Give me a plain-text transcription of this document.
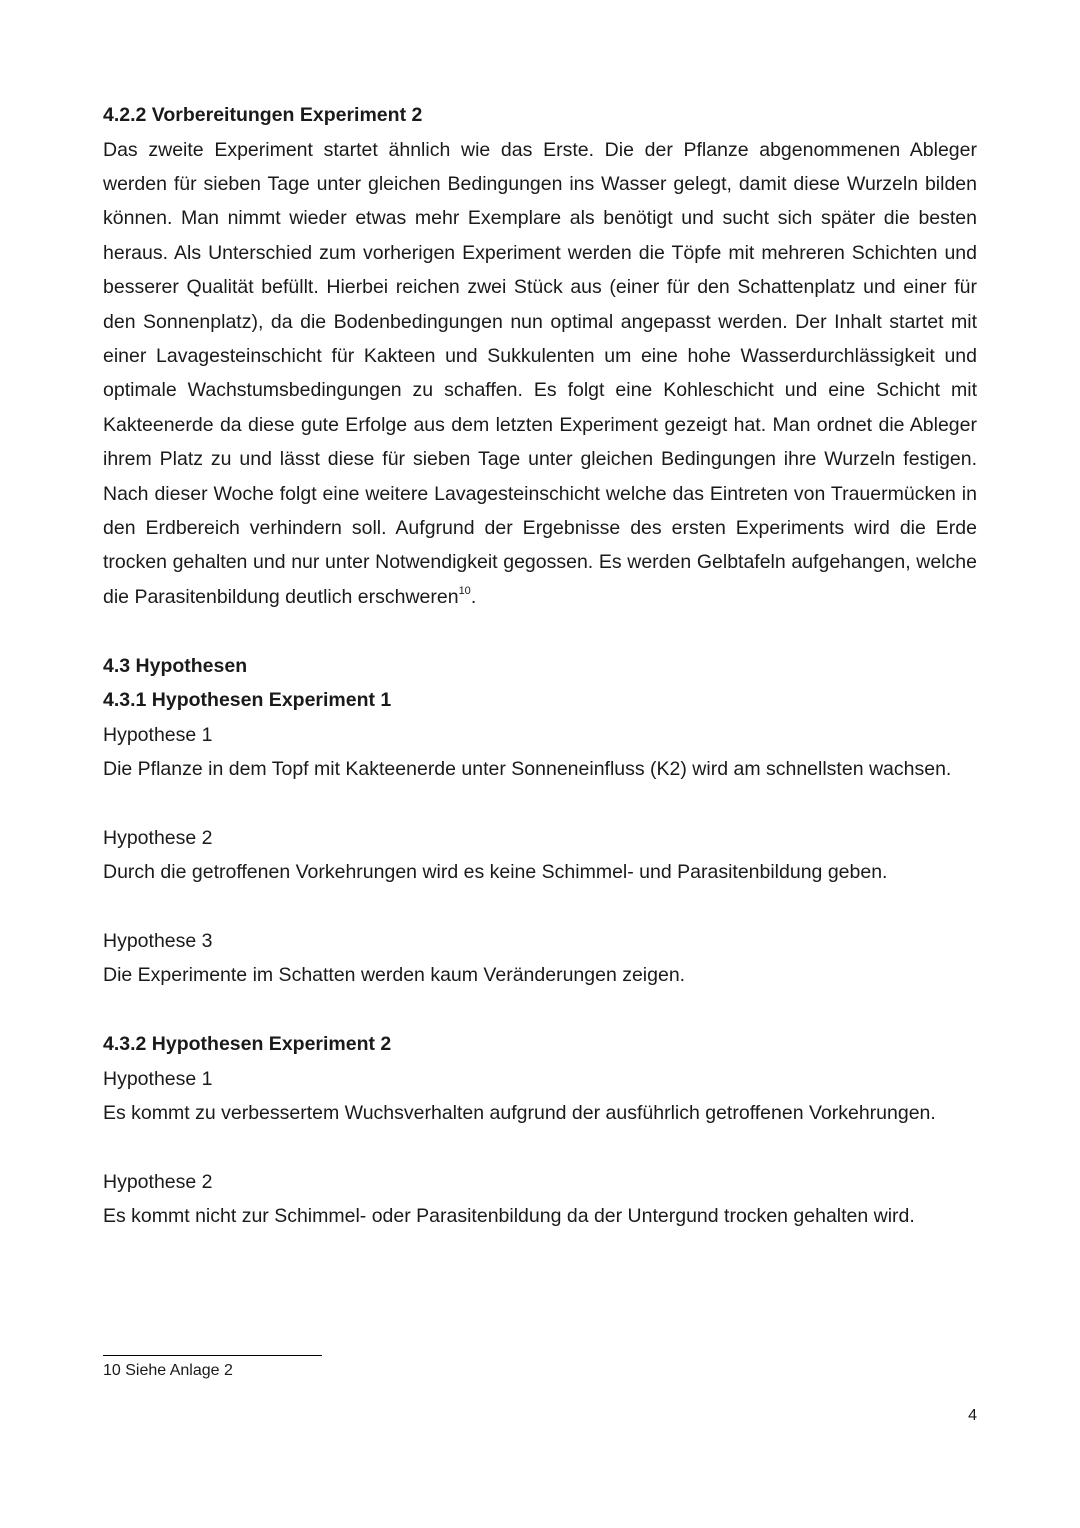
4.2.2 Vorbereitungen Experiment 2

Das zweite Experiment startet ähnlich wie das Erste. Die der Pflanze abgenommenen Ableger werden für sieben Tage unter gleichen Bedingungen ins Wasser gelegt, damit diese Wurzeln bilden können. Man nimmt wieder etwas mehr Exemplare als benötigt und sucht sich später die besten heraus. Als Unterschied zum vorherigen Experiment werden die Töpfe mit mehreren Schichten und besserer Qualität befüllt. Hierbei reichen zwei Stück aus (einer für den Schattenplatz und einer für den Sonnenplatz), da die Bodenbedingungen nun optimal angepasst werden. Der Inhalt startet mit einer Lavagesteinschicht für Kakteen und Sukkulenten um eine hohe Wasserdurchlässigkeit und optimale Wachstumsbedingungen zu schaffen. Es folgt eine Kohleschicht und eine Schicht mit Kakteenerde da diese gute Erfolge aus dem letzten Experiment gezeigt hat. Man ordnet die Ableger ihrem Platz zu und lässt diese für sieben Tage unter gleichen Bedingungen ihre Wurzeln festigen. Nach dieser Woche folgt eine weitere Lavagesteinschicht welche das Eintreten von Trauermücken in den Erdbereich verhindern soll. Aufgrund der Ergebnisse des ersten Experiments wird die Erde trocken gehalten und nur unter Notwendigkeit gegossen. Es werden Gelbtafeln aufgehangen, welche die Parasitenbildung deutlich erschweren$^{10}$.

4.3 Hypothesen
4.3.1 Hypothesen Experiment 1

Hypothese 1

Die Pflanze in dem Topf mit Kakteenerde unter Sonneneinfluss (K2) wird am schnellsten wachsen.

Hypothese 2

Durch die getroffenen Vorkehrungen wird es keine Schimmel- und Parasitenbildung geben.

Hypothese 3

Die Experimente im Schatten werden kaum Veränderungen zeigen.

4.3.2 Hypothesen Experiment 2

Hypothese 1

Es kommt zu verbessertem Wuchsverhalten aufgrund der ausführlich getroffenen Vorkehrungen.

Hypothese 2

Es kommt nicht zur Schimmel- oder Parasitenbildung da der Untergund trocken gehalten wird.

10 Siehe Anlage 2
4
